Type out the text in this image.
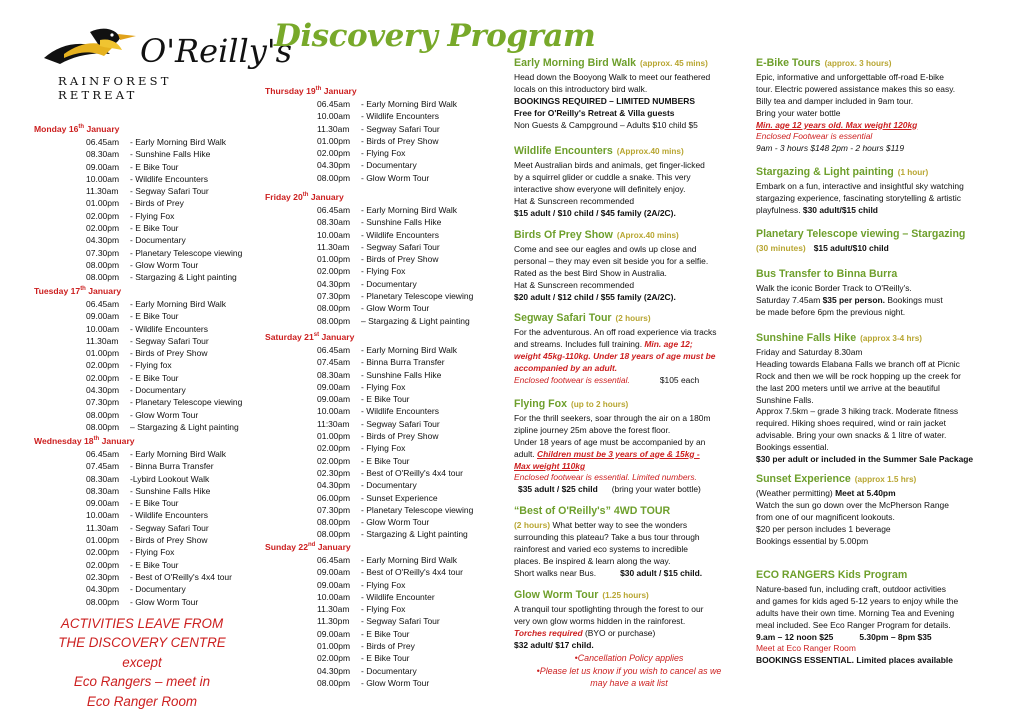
O'Reilly's
RAINFOREST RETREAT
Discovery Program
Monday 16th January
06.45am	- Early Morning Bird Walk
08.30am	- Sunshine Falls Hike
09.00am	- E Bike Tour
10.00am	- Wildlife Encounters
11.30am	- Segway Safari Tour
01.00pm	- Birds of Prey
02.00pm	- Flying Fox
02.00pm	- E Bike Tour
04.30pm	- Documentary
07.30pm	- Planetary Telescope viewing
08.00pm	- Glow Worm Tour
08.00pm	- Stargazing & Light painting
Tuesday 17th January
06.45am	- Early Morning Bird Walk
09.00am	- E Bike Tour
10.00am	- Wildlife Encounters
11.30am	- Segway Safari Tour
01.00pm	- Birds of Prey Show
02.00pm	- Flying fox
02.00pm	- E Bike Tour
04.30pm	- Documentary
07.30pm	- Planetary Telescope viewing
08.00pm	- Glow Worm Tour
08.00pm	– Stargazing & Light painting
Wednesday 18th January
06.45am	- Early Morning Bird Walk
07.45am	- Binna Burra Transfer
08.30am	-Lybird Lookout Walk
08.30am	- Sunshine Falls Hike
09.00am	- E Bike Tour
10.00am	- Wildlife Encounters
11.30am	- Segway Safari Tour
01.00pm	- Birds of Prey Show
02.00pm	- Flying Fox
02.00pm	- E Bike Tour
02.30pm	- Best of O'Reilly's 4x4 tour
04.30pm	- Documentary
08.00pm	- Glow Worm Tour
ACTIVITIES LEAVE FROM
THE DISCOVERY CENTRE except
Eco Rangers – meet in
Eco Ranger Room
Thursday 19th January
06.45am	- Early Morning Bird Walk
10.00am	- Wildlife Encounters
11.30am	- Segway Safari Tour
01.00pm	- Birds of Prey Show
02.00pm	- Flying Fox
04.30pm	- Documentary
08.00pm	- Glow Worm Tour
Friday 20th January
06.45am	- Early Morning Bird Walk
08.30am	- Sunshine Falls Hike
10.00am	- Wildlife Encounters
11.30am	- Segway Safari Tour
01.00pm	- Birds of Prey Show
02.00pm	- Flying Fox
04.30pm	- Documentary
07.30pm	- Planetary Telescope viewing
08.00pm	- Glow Worm Tour
08.00pm	– Stargazing & Light painting
Saturday 21st January
06.45am	- Early Morning Bird Walk
07.45am	- Binna Burra Transfer
08.30am	- Sunshine Falls Hike
09.00am	- Flying Fox
09.00am	- E Bike Tour
10.00am	- Wildlife Encounters
11:30am	- Segway Safari Tour
01.00pm	- Birds of Prey Show
02.00pm	- Flying Fox
02.00pm	- E Bike Tour
02.30pm	- Best of O'Reilly's 4x4 tour
04.30pm	- Documentary
06.00pm	- Sunset Experience
07.30pm	- Planetary Telescope viewing
08.00pm	- Glow Worm Tour
08.00pm	- Stargazing & Light painting
Sunday 22nd January
06.45am	- Early Morning Bird Walk
09.00am	- Best of O'Reilly's 4x4 tour
09.00am	- Flying Fox
10.00am	- Wildlife Encounter
11.30am	- Flying Fox
11.30pm	- Segway Safari Tour
09.00am	- E Bike Tour
01.00pm	- Birds of Prey
02.00pm	- E Bike Tour
04.30pm	- Documentary
08.00pm	- Glow Worm Tour
Early Morning Bird Walk (approx. 45 mins)

Head down the Booyong Walk to meet our feathered

locals on this introductory bird walk.

BOOKINGS REQUIRED – LIMITED NUMBERS

Free for O'Reilly's Retreat & Villa guests

Non Guests & Campground – Adults $10 child $5

Wildlife Encounters (Approx.40 mins)

Meet Australian birds and animals, get finger-licked

by a squirrel glider or cuddle a snake. This very

interactive show everyone will definitely enjoy.

Hat & Sunscreen recommended

$15 adult / $10 child / $45 family (2A/2C).

Birds Of Prey Show (Aprox.40 mins)

Come and see our eagles and owls up close and

personal – they may even sit beside you for a selfie.

Rated as the best Bird Show in Australia.

Hat & Sunscreen recommended

$20 adult / $12 child / $55 family (2A/2C).

Segway Safari Tour (2 hours)

For the adventurous. An off road experience via tracks

and streams. Includes full training. Min. age 12;

weight 45kg-110kg. Under 18 years of age must be

accompanied by an adult.

Enclosed footwear is essential.	$105 each

Flying Fox (up to 2 hours)

For the thrill seekers, soar through the air on a 180m

zipline journey 25m above the forest floor.

Under 18 years of age must be accompanied by an

adult. Children must be 3 years of age & 15kg -

Max weight 110kg

Enclosed footwear is essential. Limited numbers.

$35 adult / $25 child (bring your water bottle)

“Best of O'Reilly's” 4WD TOUR

(2 hours) What better way to see the wonders

surrounding this plateau? Take a bus tour through

rainforest and varied eco systems to incredible

places. Be inspired & learn along the way.

Short walks near Bus.	$30 adult / $15 child.

Glow Worm Tour (1.25 hours)

A tranquil tour spotlighting through the forest to our

very own glow worms hidden in the rainforest.

Torches required (BYO or purchase)

$32 adult/ $17 child.

•Cancellation Policy applies

•Please let us know if you wish to cancel as we

may have a wait list

E-Bike Tours (approx. 3 hours)

Epic, informative and unforgettable off-road E-bike

tour. Electric powered assistance makes this so easy.

Billy tea and damper included in 9am tour.

Bring your water bottle

Min. age 12 years old. Max weight 120kg

Enclosed Footwear is essential

9am - 3 hours $148 2pm - 2 hours $119

Stargazing & Light painting (1 hour)

Embark on a fun, interactive and insightful sky watching

stargazing experience, fascinating storytelling & artistic

playfulness. $30 adult/$15 child

Planetary Telescope viewing – Stargazing

(30 minutes) $15 adult/$10 child

Bus Transfer to Binna Burra

Walk the iconic Border Track to O'Reilly's.

Saturday 7.45am $35 per person. Bookings must

be made before 6pm the previous night.

Sunshine Falls Hike (approx 3-4 hrs)

Friday and Saturday 8.30am

Heading towards Elabana Falls we branch off at Picnic

Rock and then we will be rock hopping up the creek for

the last 200 meters until we arrive at the beautiful

Sunshine Falls.

Approx 7.5km – grade 3 hiking track. Moderate fitness

required. Hiking shoes required, wind or rain jacket

advisable. Bring your own snacks & 1 litre of water.

Bookings essential.

$30 per adult or included in the Summer Sale Package

Sunset Experience (approx 1.5 hrs)

(Weather permitting) Meet at 5.40pm

Watch the sun go down over the McPherson Range

from one of our magnificent lookouts.

$20 per person includes 1 beverage

Bookings essential by 5.00pm

ECO RANGERS Kids Program

Nature-based fun, including craft, outdoor activities

and games for kids aged 5-12 years to enjoy while the

adults have their own time. Morning Tea and Evening

meal included. See Eco Ranger Program for details.

9.am – 12 noon $25	5.30pm – 8pm $35

Meet at Eco Ranger Room

BOOKINGS ESSENTIAL. Limited places available
